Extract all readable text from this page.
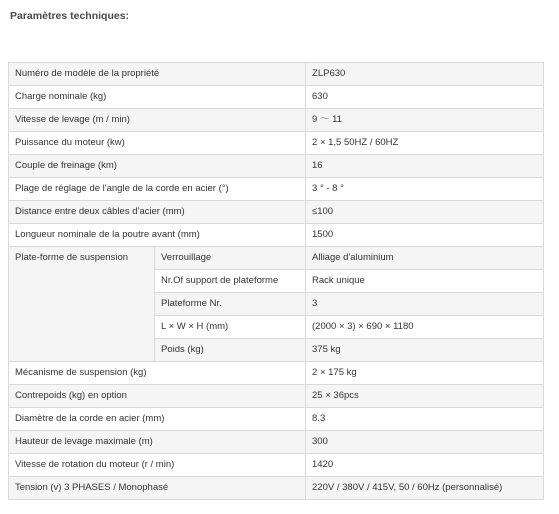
Paramètres techniques:
Numéro de modèle de la propriété		ZLP630
Charge nominale (kg)		630
Vitesse de levage (m / min)		9 ～ 11
Puissance du moteur (kw)		2 × 1,5 50HZ / 60HZ
Couple de freinage (km)		16
Plage de réglage de l'angle de la corde en acier (°)		3 ° - 8 °
Distance entre deux câbles d'acier (mm)		≤100
Longueur nominale de la poutre avant (mm)		1500
Plate-forme de suspension	Verrouillage	Alliage d'aluminium
	Nr.Of support de plateforme	Rack unique
	Plateforme Nr.	3
	L × W × H (mm)	(2000 × 3) × 690 × 1180
	Poids (kg)	375 kg
Mécanisme de suspension (kg)		2 × 175 kg
Contrepoids (kg) en option		25 × 36pcs
Diamètre de la corde en acier (mm)		8.3
Hauteur de levage maximale (m)		300
Vitesse de rotation du moteur (r / min)		1420
Tension (v) 3 PHASES / Monophasé		220V / 380V / 415V, 50 / 60Hz (personnalisé)
